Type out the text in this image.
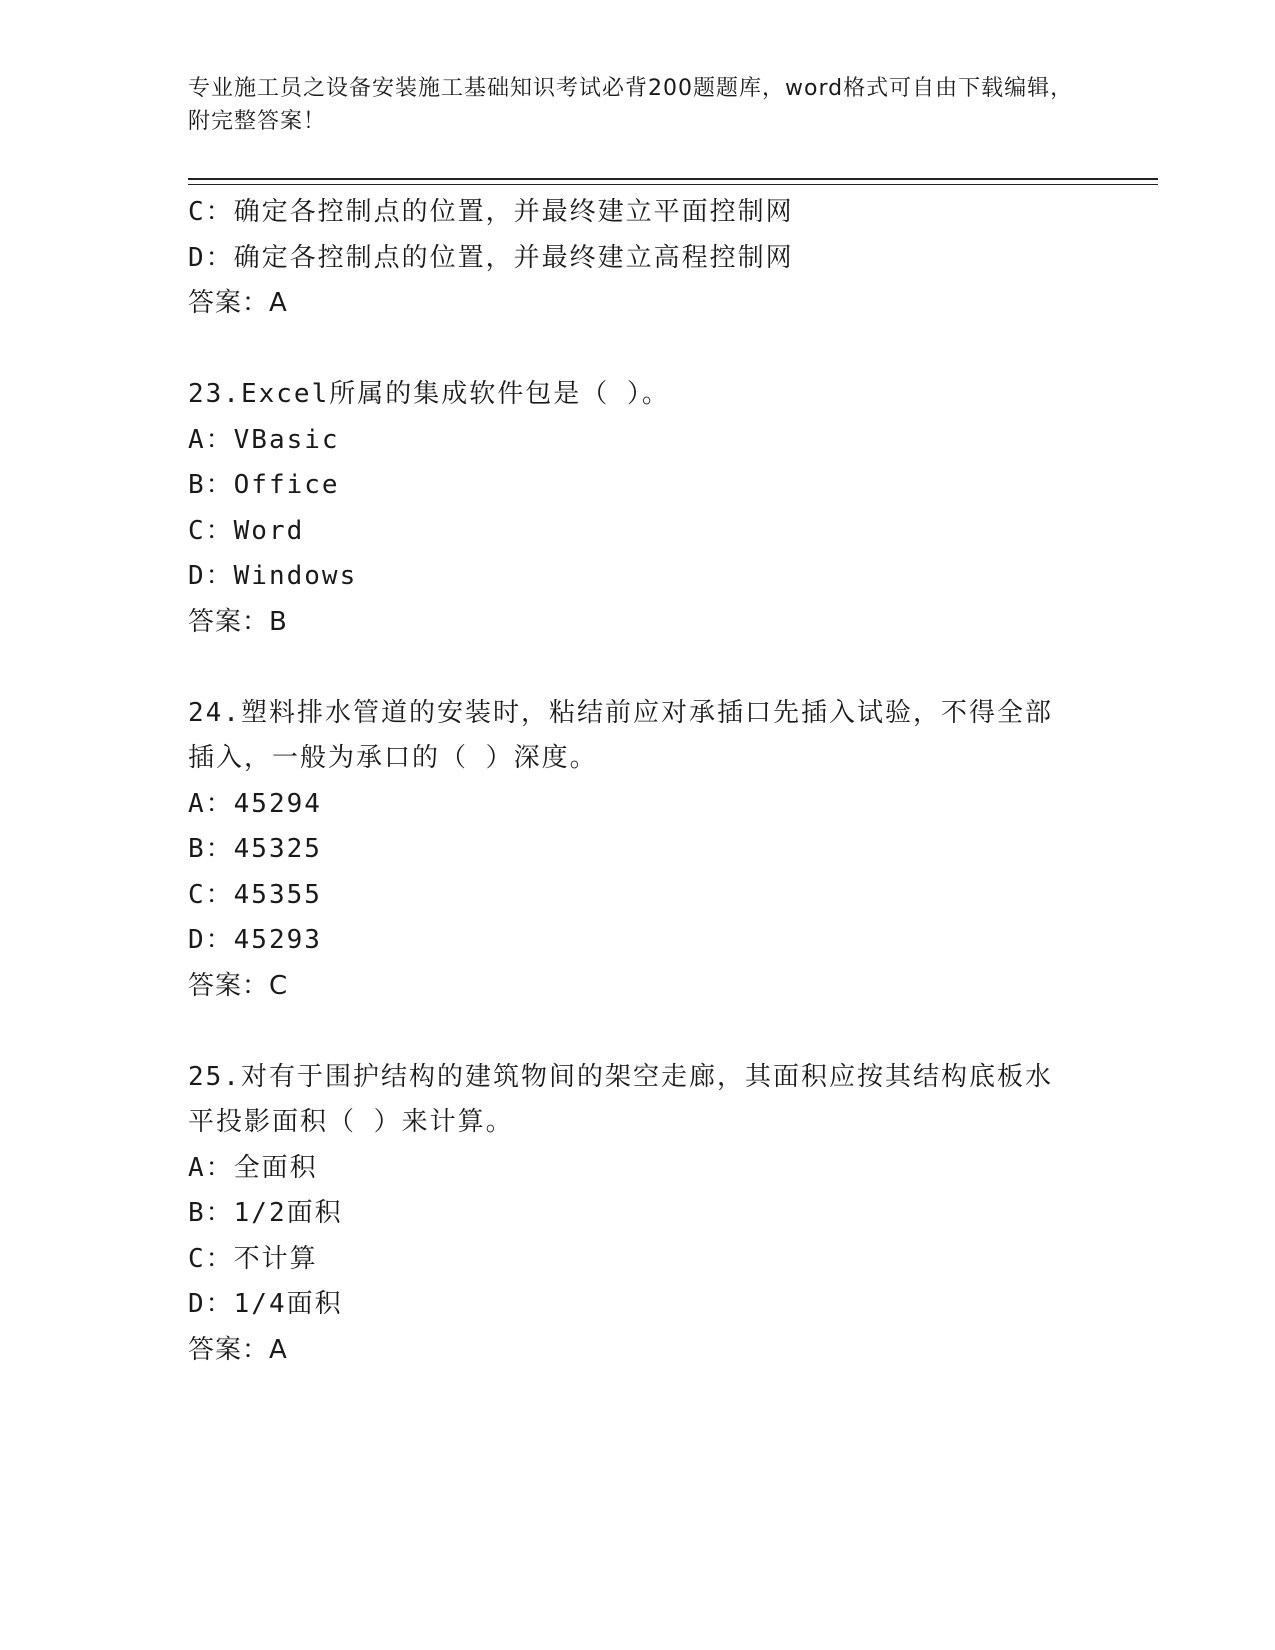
专业施工员之设备安装施工基础知识考试必背200题题库，word格式可自由下载编辑，附完整答案！
C：确定各控制点的位置，并最终建立平面控制网
D：确定各控制点的位置，并最终建立高程控制网
答案：A
23.Excel所属的集成软件包是（ ）。
A：VBasic
B：Office
C：Word
D：Windows
答案：B
24.塑料排水管道的安装时，粘结前应对承插口先插入试验，不得全部
插入，一般为承口的（ ）深度。
A：45294
B：45325
C：45355
D：45293
答案：C
25.对有于围护结构的建筑物间的架空走廊，其面积应按其结构底板水
平投影面积（ ）来计算。
A：全面积
B：1/2面积
C：不计算
D：1/4面积
答案：A
